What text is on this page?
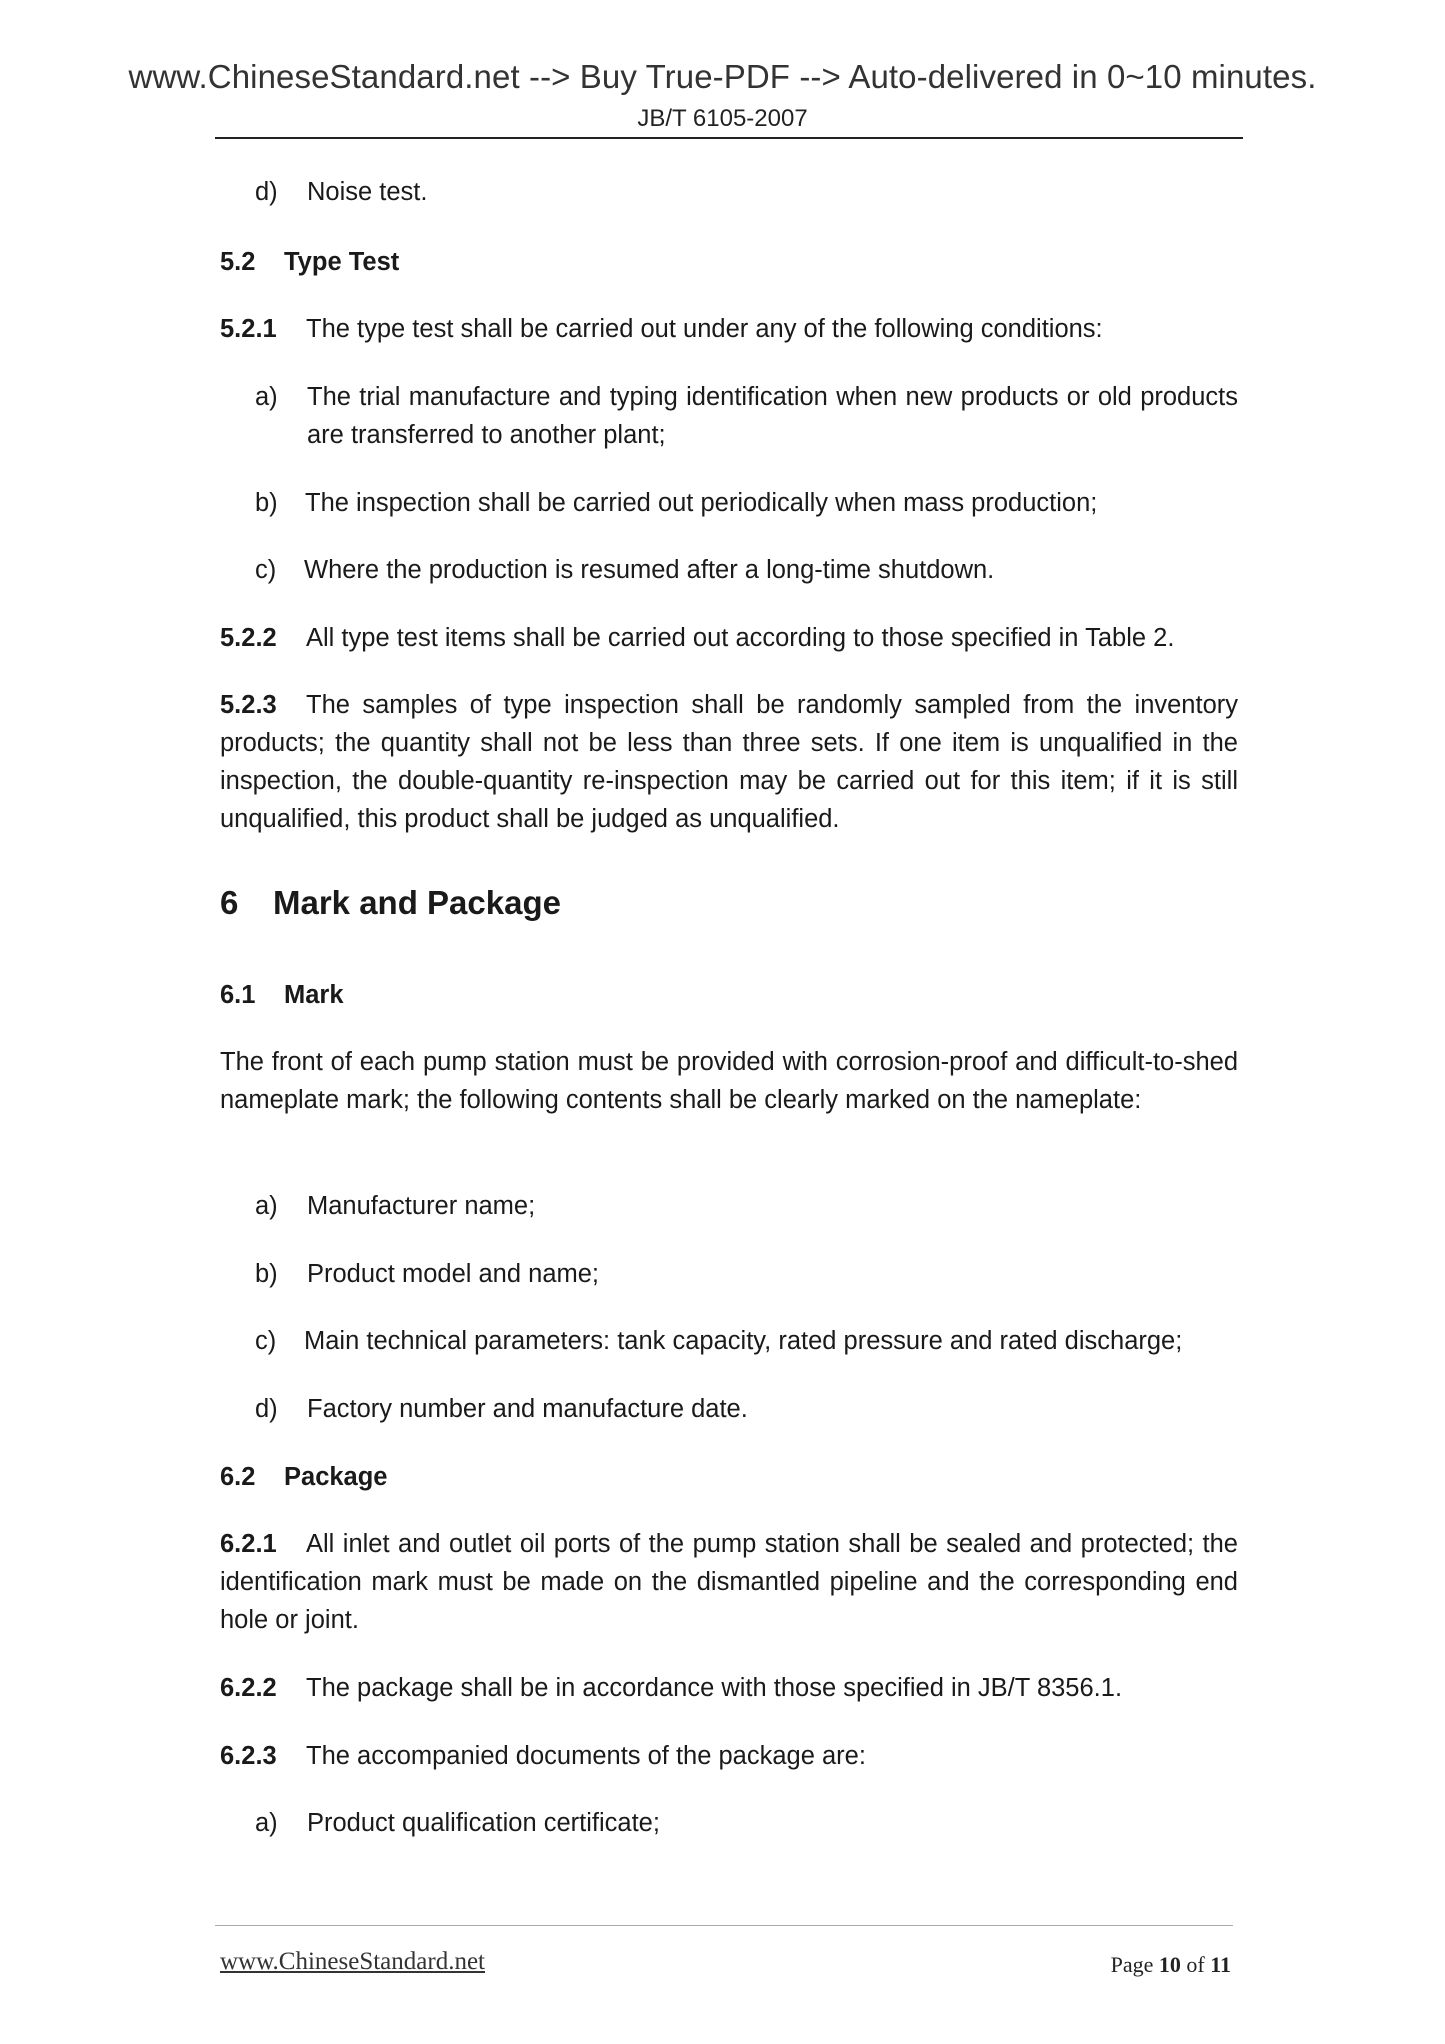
www.ChineseStandard.net --> Buy True-PDF --> Auto-delivered in 0~10 minutes.
JB/T 6105-2007
d) Noise test.
5.2 Type Test
5.2.1 The type test shall be carried out under any of the following conditions:
a) The trial manufacture and typing identification when new products or old products are transferred to another plant;
b) The inspection shall be carried out periodically when mass production;
c) Where the production is resumed after a long-time shutdown.
5.2.2 All type test items shall be carried out according to those specified in Table 2.
5.2.3 The samples of type inspection shall be randomly sampled from the inventory products; the quantity shall not be less than three sets. If one item is unqualified in the inspection, the double-quantity re-inspection may be carried out for this item; if it is still unqualified, this product shall be judged as unqualified.
6 Mark and Package
6.1 Mark
The front of each pump station must be provided with corrosion-proof and difficult-to-shed nameplate mark; the following contents shall be clearly marked on the nameplate:
a) Manufacturer name;
b) Product model and name;
c) Main technical parameters: tank capacity, rated pressure and rated discharge;
d) Factory number and manufacture date.
6.2 Package
6.2.1 All inlet and outlet oil ports of the pump station shall be sealed and protected; the identification mark must be made on the dismantled pipeline and the corresponding end hole or joint.
6.2.2 The package shall be in accordance with those specified in JB/T 8356.1.
6.2.3 The accompanied documents of the package are:
a) Product qualification certificate;
www.ChineseStandard.net	Page 10 of 11
